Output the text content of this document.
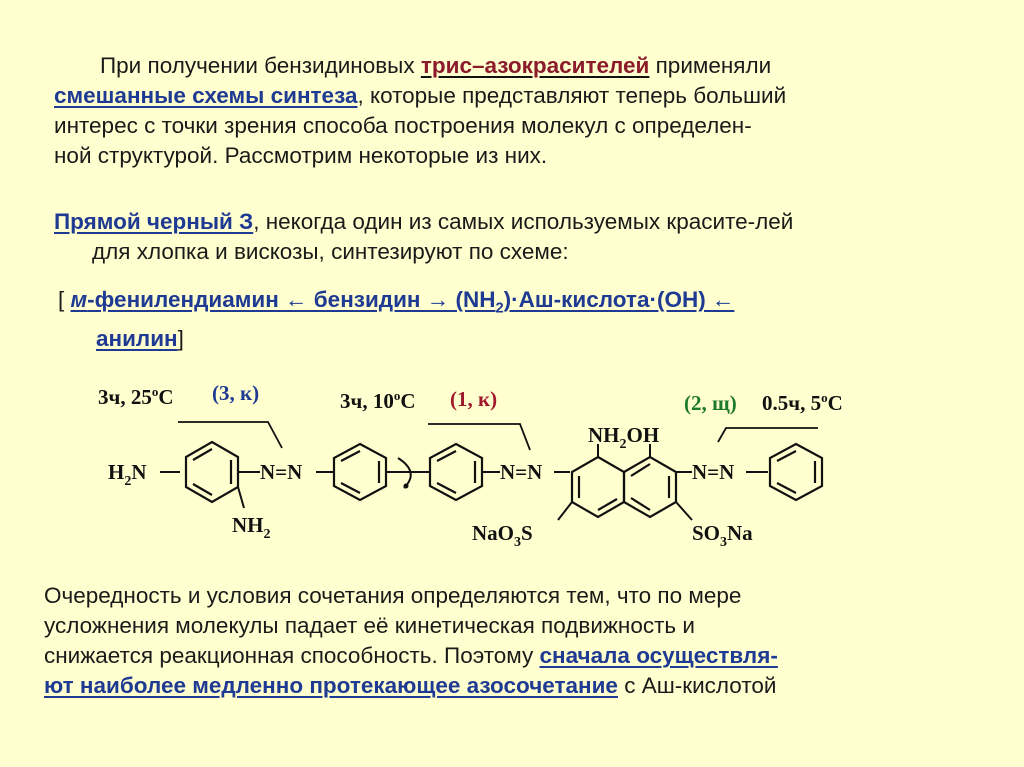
При получении бензидиновых трис–азокрасителей применяли
смешанные схемы синтеза, которые представляют теперь больший
интерес с точки зрения способа построения молекул с определен-
ной структурой. Рассмотрим некоторые из них.
Прямой черный З, некогда один из самых используемых красите-лей
для хлопка и вискозы, синтезируют по схеме:
[ м-фенилендиамин ← бензидин → $(NH_2)\cdot Аш-кислота\cdot(OH)$ ←
анилин]
3ч, 25$^o$C (3, к)	3ч, 10$^o$C (1, к)	(2, щ) 0.5ч, 5$^o$C
$H_2N$
$NH_2$
N=N	N=N
$NH_2OH$
NaO$_3$S	$SO_3Na$
N=N
Очередность и условия сочетания определяются тем, что по мере
усложнения молекулы падает её кинетическая подвижность и
снижается реакционная способность. Поэтому сначала осуществля-
ют наиболее медленно протекающее азосочетание с Аш-кислотой
